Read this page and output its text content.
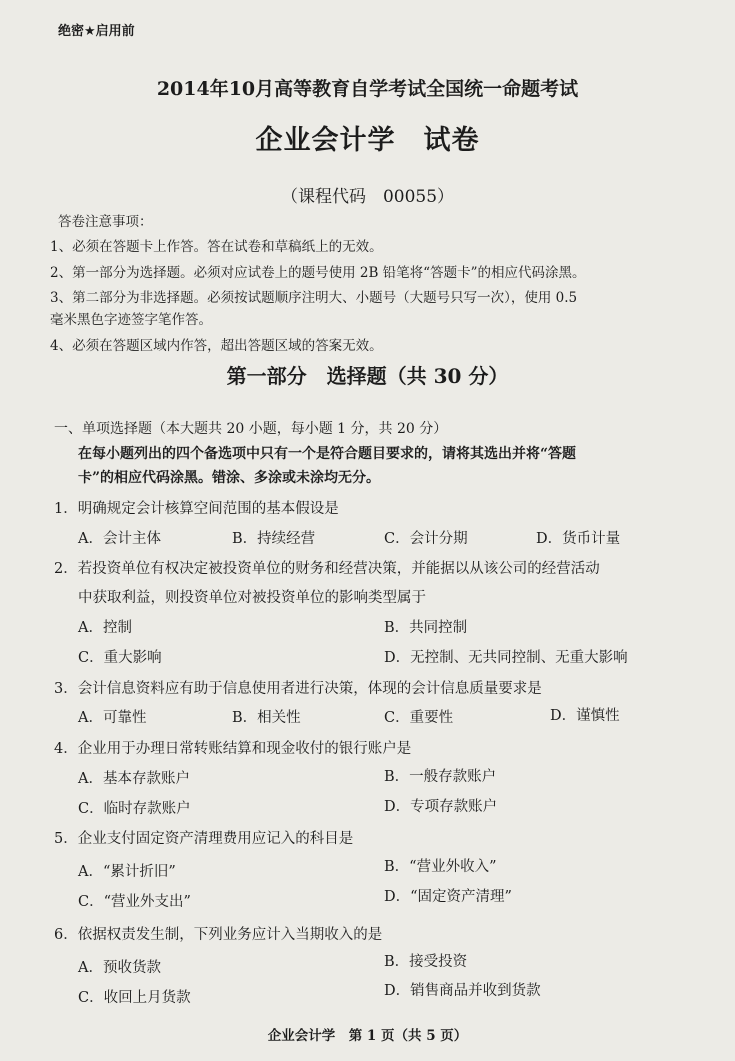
绝密★启用前
2014年10月高等教育自学考试全国统一命题考试
企业会计学　试卷
（课程代码　00055）
答卷注意事项：
1、必须在答题卡上作答。答在试卷和草稿纸上的无效。
2、第一部分为选择题。必须对应试卷上的题号使用 2B 铅笔将“答题卡”的相应代码涂黑。
3、第二部分为非选择题。必须按试题顺序注明大、小题号（大题号只写一次），使用 0.5
毫米黑色字迹签字笔作答。
4、必须在答题区域内作答，超出答题区域的答案无效。
第一部分　选择题（共 30 分）
一、单项选择题（本大题共 20 小题，每小题 1 分，共 20 分）
在每小题列出的四个备选项中只有一个是符合题目要求的，请将其选出并将“答题
卡”的相应代码涂黑。错涂、多涂或未涂均无分。
1．明确规定会计核算空间范围的基本假设是
A．会计主体	B．持续经营	C．会计分期	D．货币计量
2．若投资单位有权决定被投资单位的财务和经营决策，并能据以从该公司的经营活动
中获取利益，则投资单位对被投资单位的影响类型属于
A．控制	B．共同控制
C．重大影响	D．无控制、无共同控制、无重大影响
3．会计信息资料应有助于信息使用者进行决策，体现的会计信息质量要求是
A．可靠性	B．相关性	C．重要性	D．谨慎性
4．企业用于办理日常转账结算和现金收付的银行账户是
A．基本存款账户	B．一般存款账户
C．临时存款账户	D．专项存款账户
5．企业支付固定资产清理费用应记入的科目是
A．“累计折旧”	B．“营业外收入”
C．“营业外支出”	D．“固定资产清理”
6．依据权责发生制，下列业务应计入当期收入的是
A．预收货款	B．接受投资
C．收回上月货款	D．销售商品并收到货款
企业会计学　第 1 页（共 5 页）
